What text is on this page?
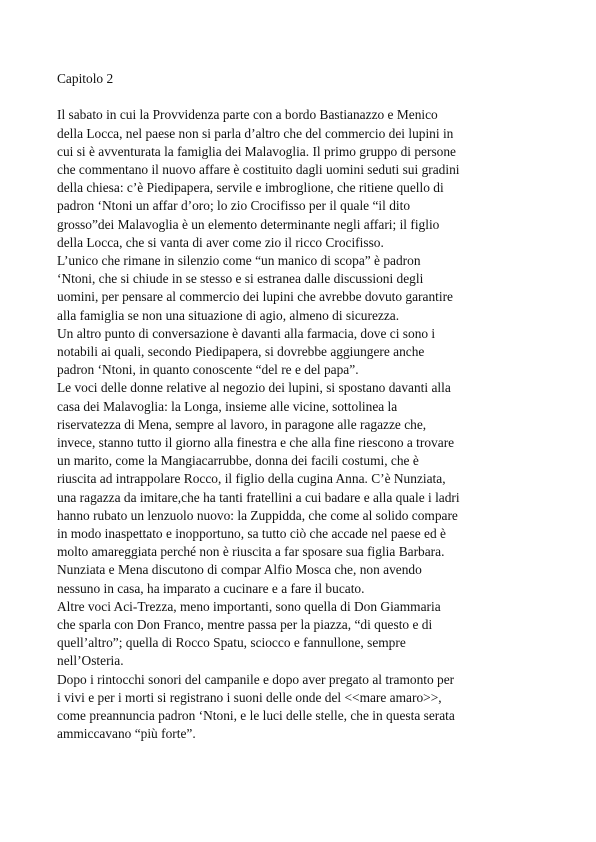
Capitolo 2
Il sabato in cui la Provvidenza parte con a bordo Bastianazzo e Menico
della Locca, nel paese non si parla d’altro che del commercio dei lupini in
cui si è avventurata la famiglia dei Malavoglia. Il primo gruppo di persone
che commentano il nuovo affare è costituito dagli uomini seduti sui gradini
della chiesa: c’è Piedipapera, servile e imbroglione, che ritiene quello di
padron ‘Ntoni un affar d’oro; lo zio Crocifisso per il quale “il dito
grosso”dei Malavoglia è un elemento determinante negli affari; il figlio
della Locca, che si vanta di aver come zio il ricco Crocifisso.
L’unico che rimane in silenzio come “un manico di scopa” è padron
‘Ntoni, che si chiude in se stesso e si estranea dalle discussioni degli
uomini, per pensare al commercio dei lupini che avrebbe dovuto garantire
alla famiglia se non una situazione di agio, almeno di sicurezza.
Un altro punto di conversazione è davanti alla farmacia, dove ci sono i
notabili ai quali, secondo Piedipapera, si dovrebbe aggiungere anche
padron ‘Ntoni, in quanto conoscente “del re e del papa”.
Le voci delle donne relative al negozio dei lupini, si spostano davanti alla
casa dei Malavoglia: la Longa, insieme alle vicine, sottolinea la
riservatezza di Mena, sempre al lavoro, in paragone alle ragazze che,
invece, stanno tutto il giorno alla finestra e che alla fine riescono a trovare
un marito, come la Mangiacarrubbe, donna dei facili costumi, che è
riuscita ad intrappolare Rocco, il figlio della cugina Anna. C’è Nunziata,
una ragazza da imitare,che ha tanti fratellini a cui badare e alla quale i ladri
hanno rubato un lenzuolo nuovo: la Zuppidda, che come al solido compare
in modo inaspettato e inopportuno, sa tutto ciò che accade nel paese ed è
molto amareggiata perché non è riuscita a far sposare sua figlia Barbara.
Nunziata e Mena discutono di compar Alfio Mosca che, non avendo
nessuno in casa, ha imparato a cucinare e a fare il bucato.
Altre voci Aci-Trezza, meno importanti, sono quella di Don Giammaria
che sparla con Don Franco, mentre passa per la piazza, “di questo e di
quell’altro”; quella di Rocco Spatu, sciocco e fannullone, sempre
nell’Osteria.
Dopo i rintocchi sonori del campanile e dopo aver pregato al tramonto per
i vivi e per i morti si registrano i suoni delle onde del <<mare amaro>>,
come preannuncia padron ‘Ntoni, e le luci delle stelle, che in questa serata
ammiccavano “più forte”.
